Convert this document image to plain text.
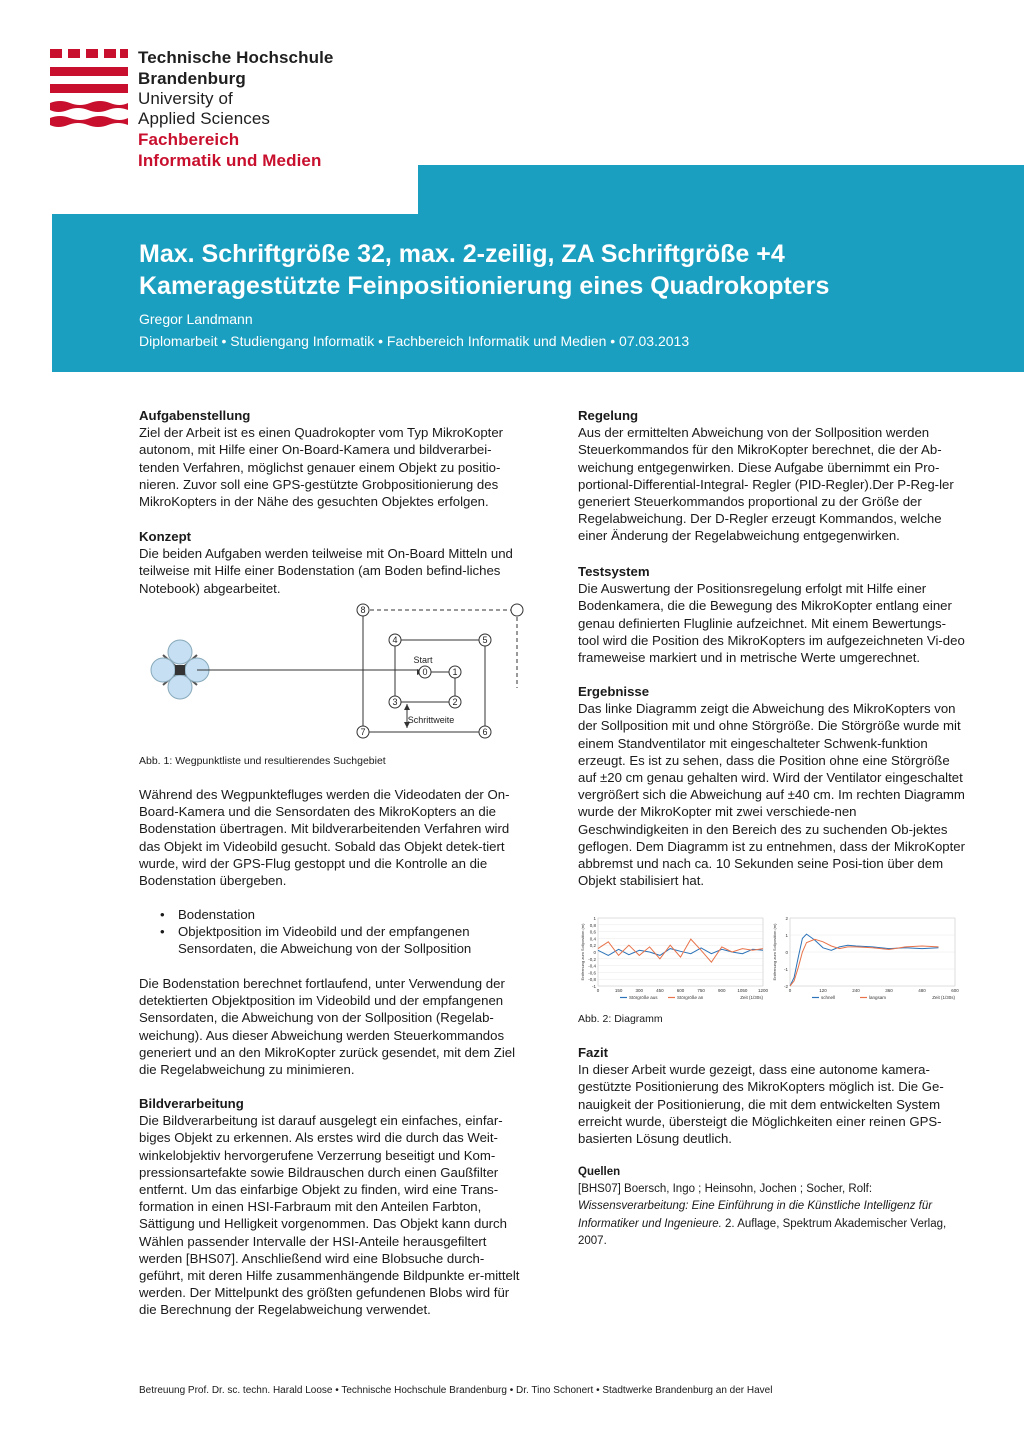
Technische Hochschule
Brandenburg
University of
Applied Sciences
Fachbereich
Informatik und Medien
Max. Schriftgröße 32, max. 2-zeilig, ZA Schriftgröße +4
Kameragestützte Feinpositionierung eines Quadrokopters
Gregor Landmann
Diplomarbeit • Studiengang Informatik • Fachbereich Informatik und Medien • 07.03.2013

Aufgabenstellung

Ziel der Arbeit ist es einen Quadrokopter vom Typ MikroKopter autonom, mit Hilfe einer On-Board-Kamera und bildverarbei-tenden Verfahren, möglichst genauer einem Objekt zu positio-nieren. Zuvor soll eine GPS-gestützte Grobpositionierung des MikroKopters in der Nähe des gesuchten Objektes erfolgen.

Konzept

Die beiden Aufgaben werden teilweise mit On-Board Mitteln und teilweise mit Hilfe einer Bodenstation (am Boden befind-liches Notebook) abgearbeitet.

8
4	5
0	1
3	2
7	6
Start
Schrittweite
Abb. 1: Wegpunktliste und resultierendes Suchgebiet

Während des Wegpunktefluges werden die Videodaten der On-Board-Kamera und die Sensordaten des MikroKopters an die Bodenstation übertragen. Mit bildverarbeitenden Verfahren wird das Objekt im Videobild gesucht. Sobald das Objekt detek-tiert wurde, wird der GPS-Flug gestoppt und die Kontrolle an die Bodenstation übergeben.

• Bodenstation
• Objektposition im Videobild und der empfangenen Sensordaten, die Abweichung von der Sollposition

Die Bodenstation berechnet fortlaufend, unter Verwendung der detektierten Objektposition im Videobild und der empfangenen Sensordaten, die Abweichung von der Sollposition (Regelab-weichung). Aus dieser Abweichung werden Steuerkommandos generiert und an den MikroKopter zurück gesendet, mit dem Ziel die Regelabweichung zu minimieren.

Bildverarbeitung

Die Bildverarbeitung ist darauf ausgelegt ein einfaches, einfar-biges Objekt zu erkennen. Als erstes wird die durch das Weit-winkelobjektiv hervorgerufene Verzerrung beseitigt und Kom-pressionsartefakte sowie Bildrauschen durch einen Gaußfilter entfernt. Um das einfarbige Objekt zu finden, wird eine Trans-formation in einen HSI-Farbraum mit den Anteilen Farbton, Sättigung und Helligkeit vorgenommen. Das Objekt kann durch Wählen passender Intervalle der HSI-Anteile herausgefiltert werden [BHS07]. Anschließend wird eine Blobsuche durch-geführt, mit deren Hilfe zusammenhängende Bildpunkte er-mittelt werden. Der Mittelpunkt des größten gefundenen Blobs wird für die Berechnung der Regelabweichung verwendet.

Regelung

Aus der ermittelten Abweichung von der Sollposition werden Steuerkommandos für den MikroKopter berechnet, die der Ab-weichung entgegenwirken. Diese Aufgabe übernimmt ein Pro-portional-Differential-Integral- Regler (PID-Regler).Der P-Reg-ler generiert Steuerkommandos proportional zu der Größe der Regelabweichung. Der D-Regler erzeugt Kommandos, welche einer Änderung der Regelabweichung entgegenwirken.

Testsystem

Die Auswertung der Positionsregelung erfolgt mit Hilfe einer Bodenkamera, die die Bewegung des MikroKopter entlang einer genau definierten Fluglinie aufzeichnet. Mit einem Bewertungs-tool wird die Position des MikroKopters im aufgezeichneten Vi-deo frameweise markiert und in metrische Werte umgerechnet.

Ergebnisse

Das linke Diagramm zeigt die Abweichung des MikroKopters von der Sollposition mit und ohne Störgröße. Die Störgröße wurde mit einem Standventilator mit eingeschalteter Schwenk-funktion erzeugt. Es ist zu sehen, dass die Position ohne eine Störgröße auf ±20 cm genau gehalten wird. Wird der Ventilator eingeschaltet vergrößert sich die Abweichung auf ±40 cm. Im rechten Diagramm wurde der MikroKopter mit zwei verschiede-nen Geschwindigkeiten in den Bereich des zu suchenden Ob-jektes geflogen. Dem Diagramm ist zu entnehmen, dass der MikroKopter abbremst und nach ca. 10 Sekunden seine Posi-tion über dem Objekt stabilisiert hat.

1
0,8
0,6
0,4
0,2
0
-0,2
-0,4
-0,6
-0,8
-1
0	150	300	450	600	750	900	1050 1200
Entfernung zum Sollposition (m)
Zeit (1/30s)
Störgröße aus	Störgröße an
2
1
0
-1
-2
0	120	240	360	480	600
Entfernung zum Sollposition (m)
Zeit (1/30s)
schnell	langsam
Abb. 2: Diagramm

Fazit

In dieser Arbeit wurde gezeigt, dass eine autonome kamera-gestützte Positionierung des MikroKopters möglich ist. Die Ge-nauigkeit der Positionierung, die mit dem entwickelten System erreicht wurde, übersteigt die Möglichkeiten einer reinen GPS-basierten Lösung deutlich.

Quellen

[BHS07] Boersch, Ingo ; Heinsohn, Jochen ; Socher, Rolf:
Wissensverarbeitung: Eine Einführung in die Künstliche Intelligenz für Informatiker und Ingenieure. 2. Auflage, Spektrum Akademischer Verlag, 2007.

Betreuung Prof. Dr. sc. techn. Harald Loose • Technische Hochschule Brandenburg • Dr. Tino Schonert • Stadtwerke Brandenburg an der Havel
